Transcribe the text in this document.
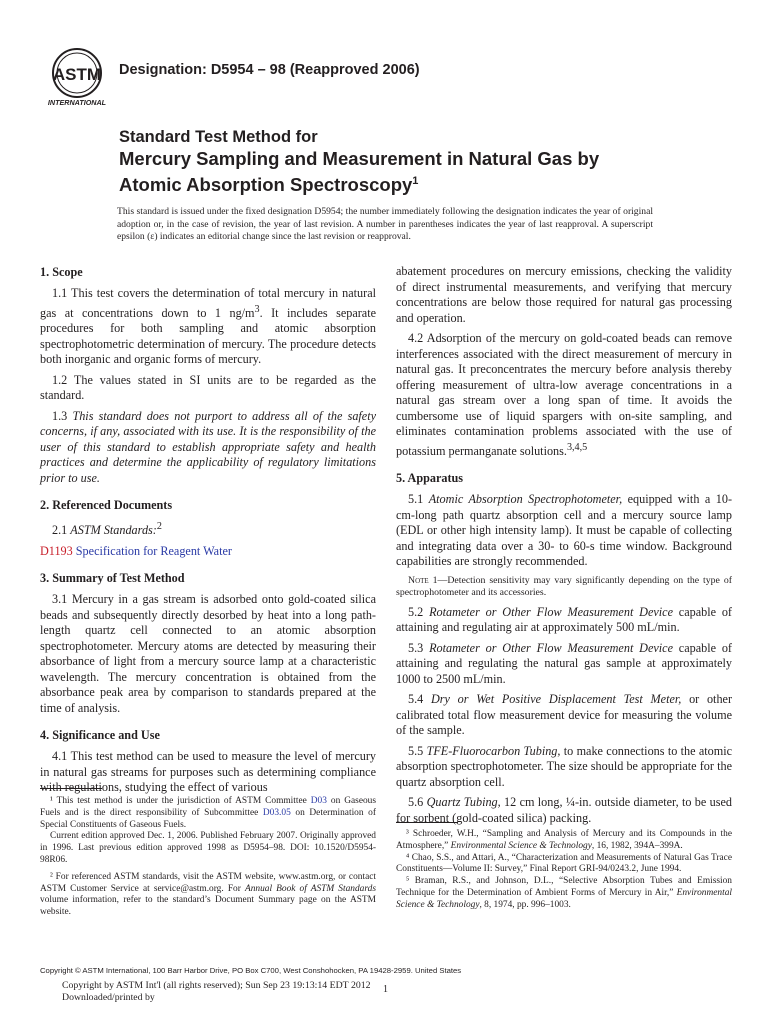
ASTM
INTERNATIONAL
Designation: D5954 – 98 (Reapproved 2006)
Standard Test Method for
Mercury Sampling and Measurement in Natural Gas by
Atomic Absorption Spectroscopy$^1$
This standard is issued under the fixed designation D5954; the number immediately following the designation indicates the year of original adoption or, in the case of revision, the year of last revision. A number in parentheses indicates the year of last reapproval. A superscript epsilon (ε) indicates an editorial change since the last revision or reapproval.
1. Scope

1.1 This test covers the determination of total mercury in natural gas at concentrations down to 1 $ng/m^3$. It includes separate procedures for both sampling and atomic absorption spectrophotometric determination of mercury. The procedure detects both inorganic and organic forms of mercury.

1.2 The values stated in SI units are to be regarded as the standard.

1.3 This standard does not purport to address all of the safety concerns, if any, associated with its use. It is the responsibility of the user of this standard to establish appropriate safety and health practices and determine the applicability of regulatory limitations prior to use.

2. Referenced Documents

2.1 ASTM Standards:$^2$

D1193 Specification for Reagent Water

3. Summary of Test Method

3.1 Mercury in a gas stream is adsorbed onto gold-coated silica beads and subsequently directly desorbed by heat into a long path-length quartz cell connected to an atomic absorption spectrophotometer. Mercury atoms are detected by measuring their absorbance of light from a mercury source lamp at a characteristic wavelength. The mercury concentration is obtained from the absorbance peak area by comparison to standards prepared at the time of analysis.

4. Significance and Use

4.1 This test method can be used to measure the level of mercury in natural gas streams for purposes such as determining compliance with regulations, studying the effect of various

abatement procedures on mercury emissions, checking the validity of direct instrumental measurements, and verifying that mercury concentrations are below those required for natural gas processing and operation.

4.2 Adsorption of the mercury on gold-coated beads can remove interferences associated with the direct measurement of mercury in natural gas. It preconcentrates the mercury before analysis thereby offering measurement of ultra-low average concentrations in a natural gas stream over a long span of time. It avoids the cumbersome use of liquid spargers with on-site sampling, and eliminates contamination problems associated with the use of potassium permanganate solutions.$^{3,4,5}$

5. Apparatus

5.1 Atomic Absorption Spectrophotometer, equipped with a 10-cm-long path quartz absorption cell and a mercury source lamp (EDL or other high intensity lamp). It must be capable of collecting and integrating data over a 30- to 60-s time window. Background capabilities are strongly recommended.

Note 1—Detection sensitivity may vary significantly depending on the type of spectrophotometer and its accessories.

5.2 Rotameter or Other Flow Measurement Device capable of attaining and regulating air at approximately 500 mL/min.

5.3 Rotameter or Other Flow Measurement Device capable of attaining and regulating the natural gas sample at approximately 1000 to 2500 mL/min.

5.4 Dry or Wet Positive Displacement Test Meter, or other calibrated total flow measurement device for measuring the volume of the sample.

5.5 TFE-Fluorocarbon Tubing, to make connections to the atomic absorption spectrophotometer. The size should be appropriate for the quartz absorption cell.

5.6 Quartz Tubing, 12 cm long, ¼-in. outside diameter, to be used for sorbent (gold-coated silica) packing.

¹ This test method is under the jurisdiction of ASTM Committee D03 on Gaseous Fuels and is the direct responsibility of Subcommittee D03.05 on Determination of Special Constituents of Gaseous Fuels.

Current edition approved Dec. 1, 2006. Published February 2007. Originally approved in 1996. Last previous edition approved 1998 as D5954–98. DOI: 10.1520/D5954-98R06.

² For referenced ASTM standards, visit the ASTM website, www.astm.org, or contact ASTM Customer Service at service@astm.org. For Annual Book of ASTM Standards volume information, refer to the standard’s Document Summary page on the ASTM website.

³ Schroeder, W.H., “Sampling and Analysis of Mercury and its Compounds in the Atmosphere,” Environmental Science & Technology, 16, 1982, 394A–399A.

⁴ Chao, S.S., and Attari, A., “Characterization and Measurements of Natural Gas Trace Constituents—Volume II: Survey,” Final Report GRI-94/0243.2, June 1994.

⁵ Braman, R.S., and Johnson, D.L., “Selective Absorption Tubes and Emission Technique for the Determination of Ambient Forms of Mercury in Air,” Environmental Science & Technology, 8, 1974, pp. 996–1003.

Copyright © ASTM International, 100 Barr Harbor Drive, PO Box C700, West Conshohocken, PA 19428-2959. United States
Copyright by ASTM Int'l (all rights reserved); Sun Sep 23 19:13:14 EDT 2012
Downloaded/printed by
1
